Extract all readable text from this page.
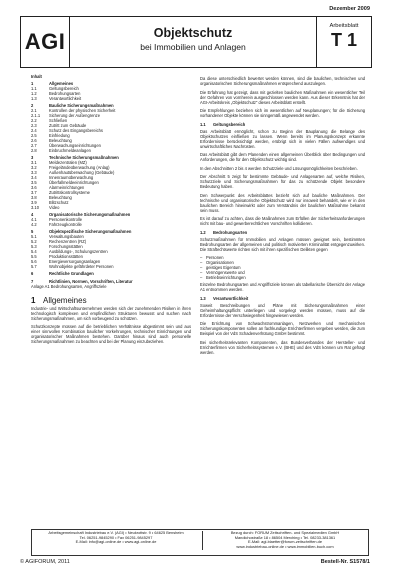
Dezember 2009
AGI	Objektschutz
bei Immobilien und Anlagen
Arbeitsblatt
T 1
Inhalt
1	Allgemeines
1.1	Geltungsbereich
1.2	Bedrohungsarten
1.3	Verantwortlichkeit
2	Bauliche Sicherungsmaßnahmen
2.1	Kontrollen der physischen Sicherheit
2.1.1	Sicherung der Außengrenze
2.2	Schließen
2.3	Zutritt zum Gebäude
2.4	Schutz des Eingangsbereichs
2.5	Einfriedung
2.6	Beleuchtung
2.7	Überwachungseinrichtungen
2.8	Einbruchmeldeanlagen
3	Technische Sicherungsmaßnahmen
3.1	Meldezentralen (MZ)
3.2	Freigeländeüberwachung (Anlag)
3.3	Außenhautüberwachung (Gebäude)
3.4	Innenraumüberwachung
3.5	Überfallmeldeeinrichtungen
3.6	Alarmeinrichtungen
3.7	Zutrittskontrollsysteme
3.8	Beleuchtung
3.9	Blitzschutz
3.10	Video
4	Organisatorische Sicherungsmaßnahmen
4.1	Personenkontrolle
4.2	Fahrzeugkontrolle
5	Objektspezifische Sicherungsmaßnahmen
5.1	Verwaltungsbauten
5.2	Rechenzentren (RZ)
5.3	Forschungsstätten
5.4	Ausbildungs-, Schulungszentren
5.5	Produktionsstätten
5.6	Energieversorgungsanlagen
5.7	Wohnobjekte gefährdeter Personen
6	Rechtliche Grundlagen
7	Richtlinien, Normen, Vorschriften, Literatur
Anlage A1 Bedrohungsarten, Angriffsziele
1 Allgemeines
Industrie- und Wirtschaftsunternehmen werden sich der zunehmenden Risiken in ihren technologisch komplexen und empfindlichen Strukturen bewusst und suchen nach Sicherungsmaßnahmen, um sich vorbeugend zu schützen.
Schutzkonzepte müssen auf die betrieblichen Verhältnisse abgestimmt sein und aus einer sinnvollen Kombination baulicher Vorkehrungen, technischer Einrichtungen und organisatorischer Maßnahmen bestehen. Darüber hinaus sind auch personelle Sicherungsmaßnahmen zu beachten und bei der Planung einzubeziehen.
Da diese unterschiedlich bewertet werden können, sind die baulichen, technischen und organisatorischen Sicherungsmaßnahmen entsprechend auszulegen.
Die Erfahrung hat gezeigt, dass mit gezielten baulichen Maßnahmen ein wesentlicher Teil der Gefahren von vornherein ausgeschlossen werden kann. Aus dieser Erkenntnis hat der AGI-Arbeitskreis „Objektschutz“ dieses Arbeitsblatt erstellt.
Die Empfehlungen beziehen sich im wesentlichen auf Neuplanungen; für die Sicherung vorhandener Objekte können sie sinngemäß angewendet werden.
1.1	Geltungsbereich
Das Arbeitsblatt ermöglicht, schon zu Beginn der Bauplanung die Belange des Objektschutzes einfließen zu lassen. Wenn bereits im Planungskonzept erkannte Erfordernisse berücksichtigt werden, erübrigt sich in vielen Fällen aufwendiges und unwirtschaftliches Nachrüsten.
Das Arbeitsblatt gibt dem Planenden einen allgemeinen Überblick über Bedingungen und Anforderungen, die für den Objektschutz wichtig sind.
In den Abschnitten 2 bis 4 werden Schutzziele und Lösungsmöglichkeiten beschrieben.
Der Abschnitt 5 zeigt für bestimmte Gebäude- und Anlagenarten auf, welche Risiken, Schutzziele und Sicherungsmaßnahmen für das zu schützende Objekt besondere Bedeutung haben.
Den Schwerpunkt des Arbeitsblattes bezieht sich auf bauliche Maßnahmen. Der technische und organisatorische Objektschutz wird nur insoweit behandelt, wie er in den baulichen Bereich hineinwirkt oder zum Verständnis der baulichen Maßnahme bekannt sein muss.
Es ist darauf zu achten, dass die Maßnahmen zum Erfüllen der Sicherheitsanforderungen nicht mit bau- und gewerberechtlichen Vorschriften kollidieren.
1.2	Bedrohungsarten
Schutzmaßnahmen für Immobilien und Anlagen müssen geeignet sein, bestimmten Bedrohungsarten der allgemeinen und politisch motivierten Kriminalität entgegenzuwirken. Die Straftechtswerte richten sich mit ihren spezifischen Delikten gegen
– Personen
– Organisationen
– geistiges Eigentum
– Vermögenswerte und
– Betriebseinrichtungen
Einzelne Bedrohungsarten und Angriffsziele können als tabellarische Übersicht der Anlage A1 entnommen werden.
1.3	Verantwortlichkeit
Soweit Beschreibungen und Pläne mit Sicherungsmaßnahmen einer Geheimhaltungspflicht unterliegen und vorgelegt werden müssen, muss auf die Erfordernisse der Verschwiegenheit hingewiesen werden.
Die Errichtung von Schwachstrommanlagen, Netzwerken und mechanischen Sicherungskomponenten sollen an fachkundige Errichterfirmen vergeben werden, die zum Beispiel von der VdS Schadenverhütung GmbH bestimmt.
Bei sicherheitsrelevanten Komponenten, das Bundesverbandes der Hersteller- und Errichterfirmen von Sicherheitssystemen e.V. (BHE) und des VdS können um Rat gefragt werden.
Arbeitsgemeinschaft Industriebau e.V. (AGI) • Neukrottstr. 9 • 64625 Bensheim
Tel. 06251-9845290 • Fax 06251-9845297
E-Mail: info@agi-online.de • www.agi-online.de
Bezug durch: FORUM Zeitschriften- und Spezialmedien GmbH
Mandichostraße 18 • 86504 Merching • Tel. 08233-381361
E-Mail: agi-blaetter@forum-zeitschriften.de
www.industriebau-online.de • www.immobilien-buch.com
© AGIFORUM, 2011	Bestell-Nr. S1578/1
